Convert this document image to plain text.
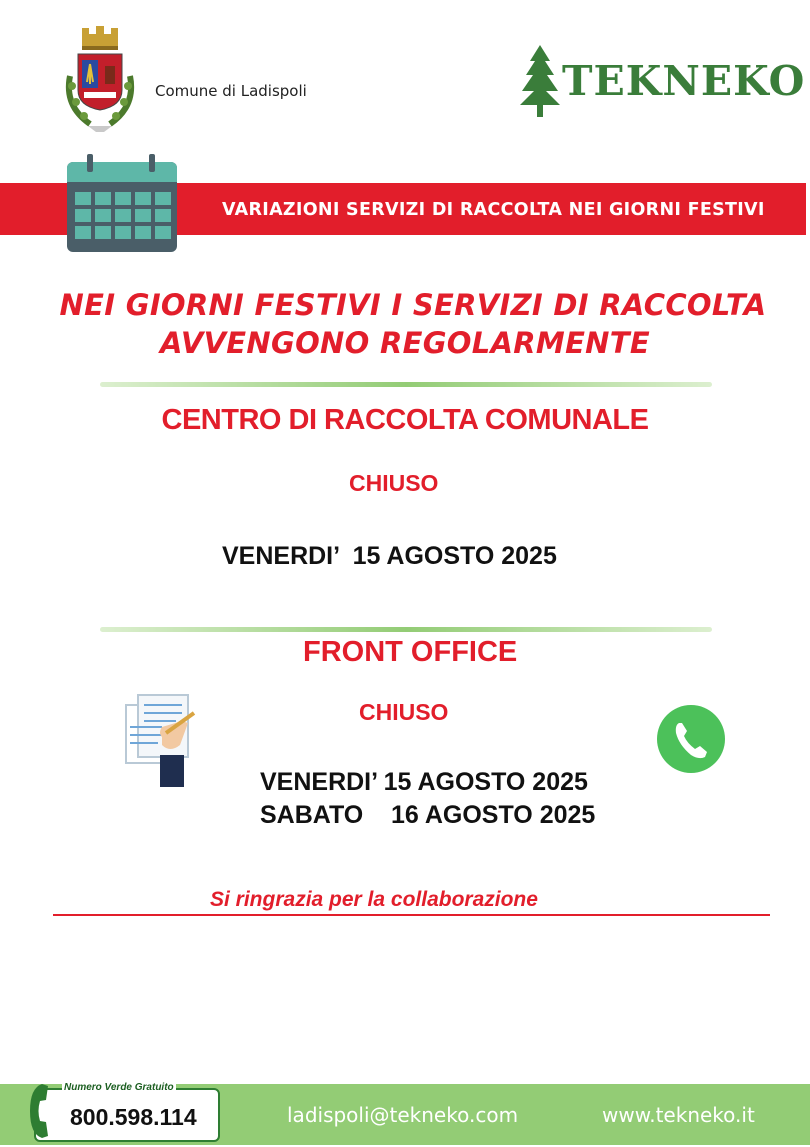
Comune di Ladispoli	TEKNEKO
VARIAZIONI SERVIZI DI RACCOLTA NEI GIORNI FESTIVI
NEI GIORNI FESTIVI I SERVIZI DI RACCOLTA
AVVENGONO REGOLARMENTE
CENTRO DI RACCOLTA COMUNALE
CHIUSO
VENERDI’  15 AGOSTO 2025
FRONT OFFICE
CHIUSO
VENERDI’ 15 AGOSTO 2025
SABATO    16 AGOSTO 2025
Si ringrazia per la collaborazione
Numero Verde Gratuito
800.598.114	ladispoli@tekneko.com	www.tekneko.it
